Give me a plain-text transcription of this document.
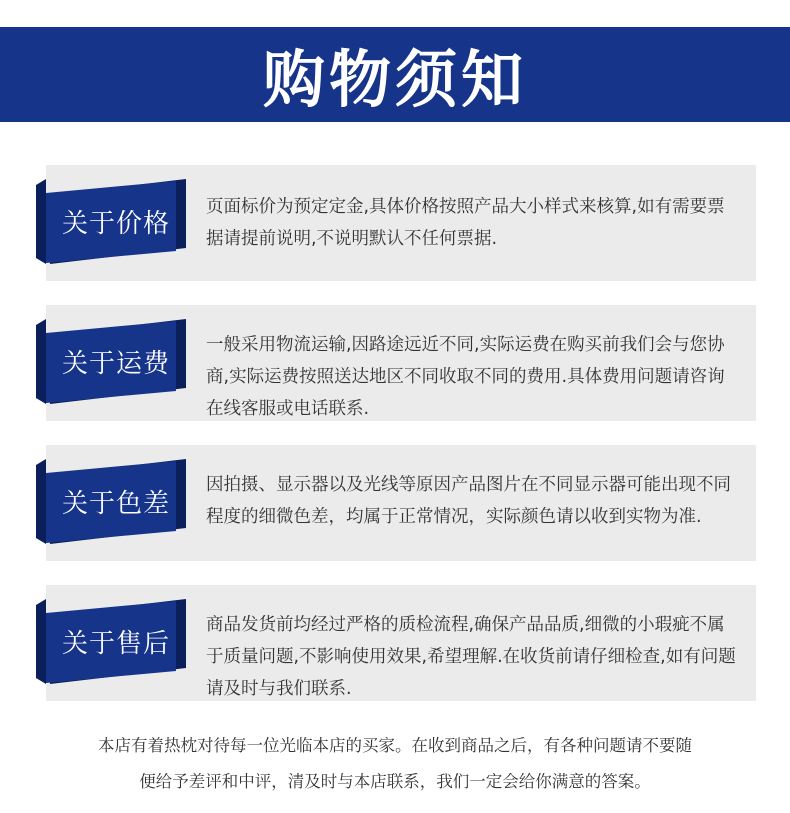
购物须知
关于价格
页面标价为预定定金,具体价格按照产品大小样式来核算,如有需要票据请提前说明,不说明默认不任何票据.
关于运费
一般采用物流运输,因路途远近不同,实际运费在购买前我们会与您协商,实际运费按照送达地区不同收取不同的费用.具体费用问题请咨询在线客服或电话联系.
关于色差
因拍摄、显示器以及光线等原因产品图片在不同显示器可能出现不同程度的细微色差，均属于正常情况，实际颜色请以收到实物为准.
关于售后
商品发货前均经过严格的质检流程,确保产品品质,细微的小瑕疵不属于质量问题,不影响使用效果,希望理解.在收货前请仔细检查,如有问题请及时与我们联系.
本店有着热枕对待每一位光临本店的买家。在收到商品之后，有各种问题请不要随
便给予差评和中评，清及时与本店联系，我们一定会给你满意的答案。
